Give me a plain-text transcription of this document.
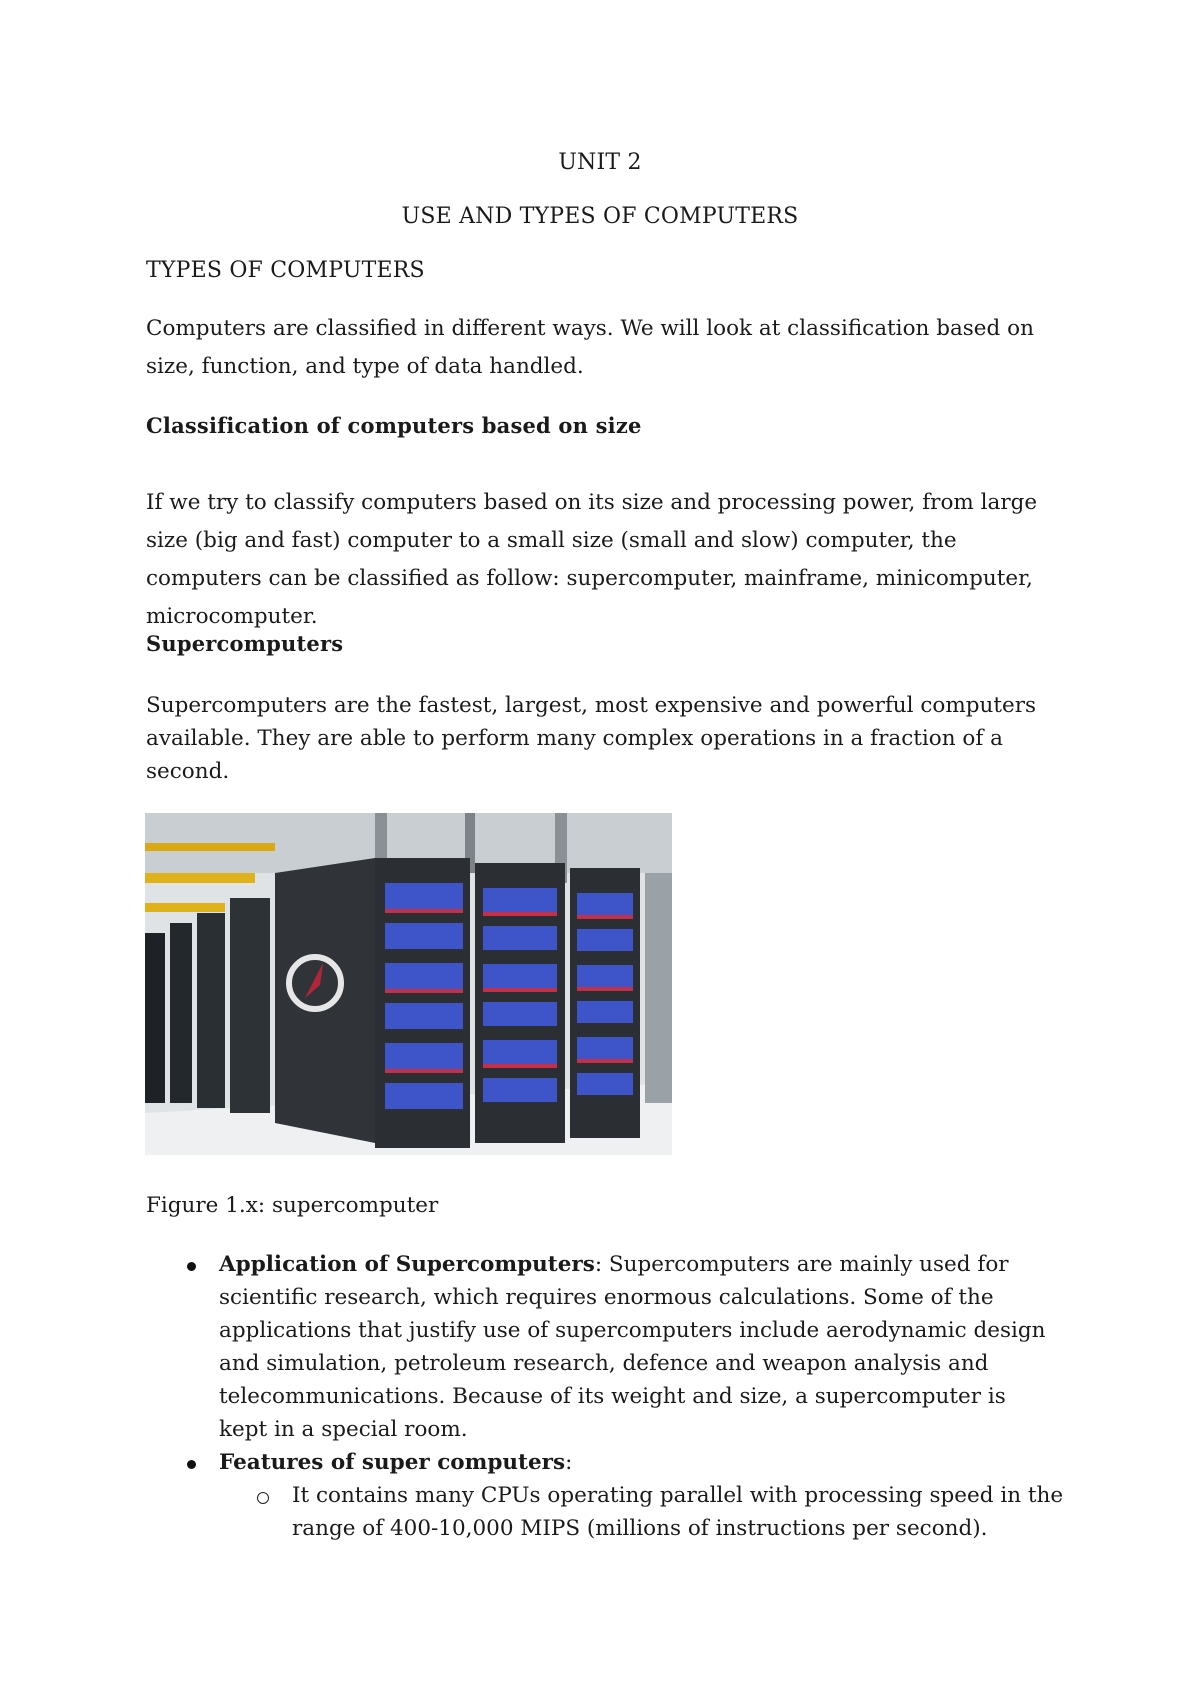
UNIT 2
USE AND TYPES OF COMPUTERS
TYPES OF COMPUTERS
Computers are classified in different ways. We will look at classification based on size, function, and type of data handled.
Classification of computers based on size
If we try to classify computers based on its size and processing power, from large size (big and fast) computer to a small size (small and slow) computer, the computers can be classified as follow: supercomputer, mainframe, minicomputer, microcomputer.
Supercomputers
Supercomputers are the fastest, largest, most expensive and powerful computers available. They are able to perform many complex operations in a fraction of a second.
Figure 1.x: supercomputer
Application of Supercomputers: Supercomputers are mainly used for scientific research, which requires enormous calculations. Some of the applications that justify use of supercomputers include aerodynamic design and simulation, petroleum research, defence and weapon analysis and telecommunications. Because of its weight and size, a supercomputer is kept in a special room.
Features of super computers:
It contains many CPUs operating parallel with processing speed in the range of 400-10,000 MIPS (millions of instructions per second).
